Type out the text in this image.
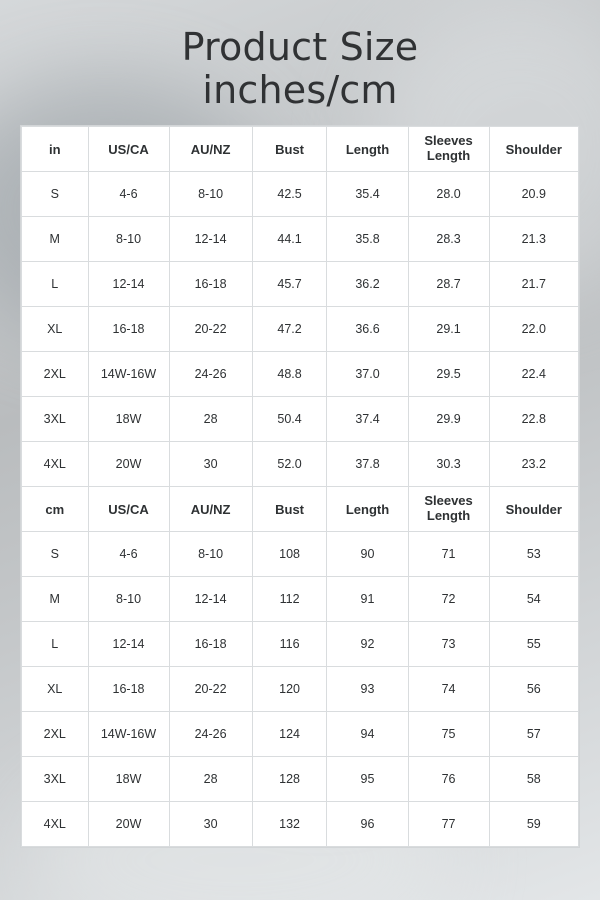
Product Size
inches/cm
in	US/CA	AU/NZ	Bust	Length	Sleeves Length	Shoulder
S	4-6	8-10	42.5	35.4	28.0	20.9
M	8-10	12-14	44.1	35.8	28.3	21.3
L	12-14	16-18	45.7	36.2	28.7	21.7
XL	16-18	20-22	47.2	36.6	29.1	22.0
2XL	14W-16W	24-26	48.8	37.0	29.5	22.4
3XL	18W	28	50.4	37.4	29.9	22.8
4XL	20W	30	52.0	37.8	30.3	23.2
cm	US/CA	AU/NZ	Bust	Length	Sleeves Length	Shoulder
S	4-6	8-10	108	90	71	53
M	8-10	12-14	112	91	72	54
L	12-14	16-18	116	92	73	55
XL	16-18	20-22	120	93	74	56
2XL	14W-16W	24-26	124	94	75	57
3XL	18W	28	128	95	76	58
4XL	20W	30	132	96	77	59
